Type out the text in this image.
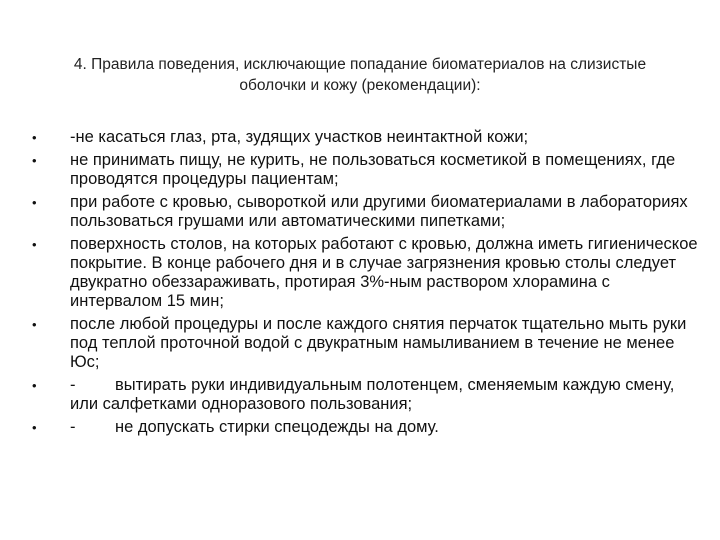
4. Правила поведения, исключающие попадание биоматериалов на слизистые
оболочки и кожу (рекомендации):
• -не касаться глаз, рта, зудящих участков неинтактной кожи;
• не принимать пищу, не курить, не пользоваться косметикой в помещениях, где проводятся процедуры пациентам;
• при работе с кровью, сывороткой или другими биоматериалами в лабораториях пользоваться грушами или автоматическими пипетками;
• поверхность столов, на которых работают с кровью, должна иметь гигиеническое покрытие. В конце рабочего дня и в случае загрязнения кровью столы следует двукратно обеззараживать, протирая 3%-ным раствором хлорамина с интервалом 15 мин;
• после любой процедуры и после каждого снятия перчаток тщательно мыть руки под теплой проточной водой с двукратным намыливанием в течение не менее Юс;
• - вытирать руки индивидуальным полотенцем, сменяемым каждую смену, или салфетками одноразового пользования;
• - не допускать стирки спецодежды на дому.
